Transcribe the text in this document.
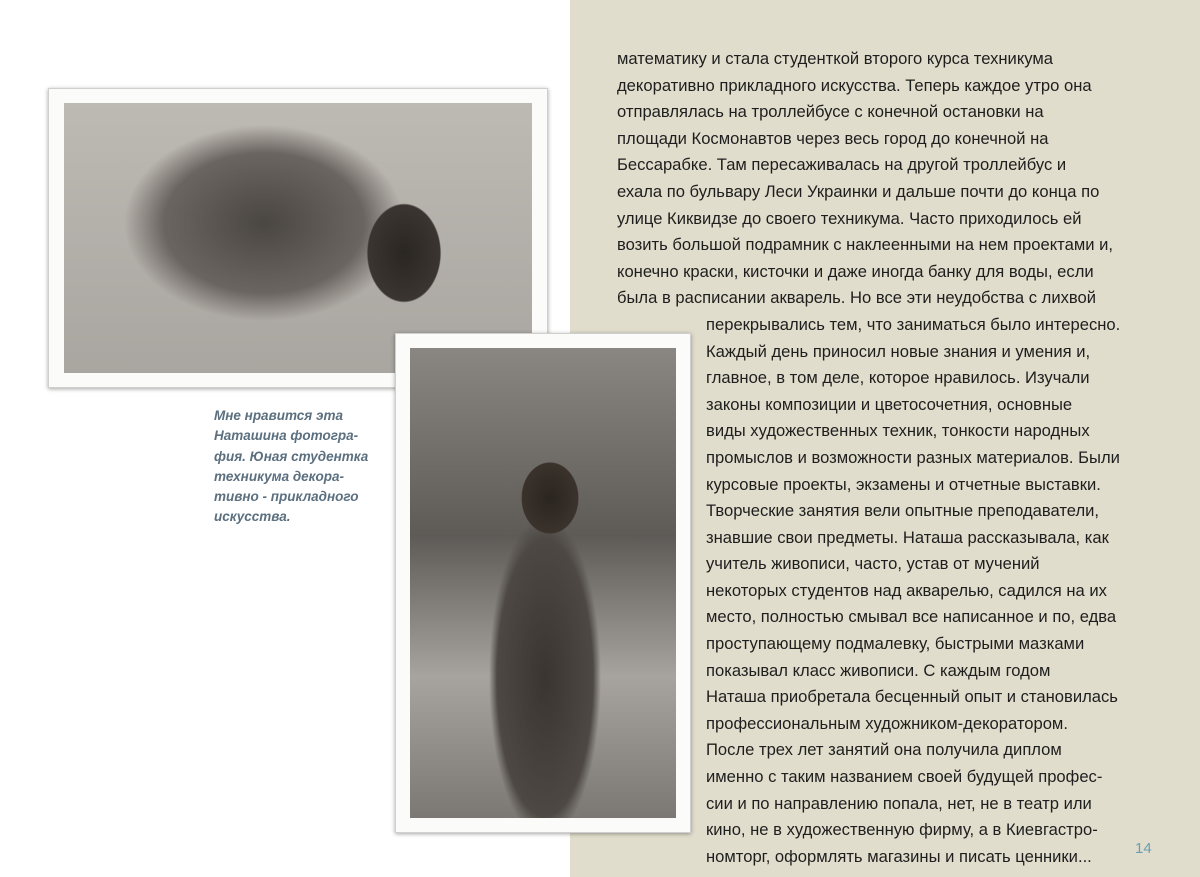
Мне нравится эта
Наташина фотогра-
фия. Юная студентка
техникума декора-
тивно - прикладного
искусства.
математику и стала студенткой второго курса техникума
декоративно прикладного искусства. Теперь каждое утро она
отправлялась на троллейбусе с конечной остановки на
площади Космонавтов через весь город до конечной на
Бессарабке. Там пересаживалась на другой троллейбус и
ехала по бульвару Леси Украинки и дальше почти до конца по
улице Киквидзе до своего техникума. Часто приходилось ей
возить большой подрамник с наклеенными на нем проектами и,
конечно краски, кисточки и даже иногда банку для воды, если
была в расписании акварель. Но все эти неудобства с лихвой
перекрывались тем, что заниматься было интересно.
Каждый день приносил новые знания и умения и,
главное, в том деле, которое нравилось. Изучали
законы композиции и цветосочетния, основные
виды художественных техник, тонкости народных
промыслов и возможности разных материалов. Были
курсовые проекты, экзамены и отчетные выставки.
Творческие занятия вели опытные преподаватели,
знавшие свои предметы. Наташа рассказывала, как
учитель живописи, часто, устав от мучений
некоторых студентов над акварелью, садился на их
место, полностью смывал все написанное и по, едва
проступающему подмалевку, быстрыми мазками
показывал класс живописи. С каждым годом
Наташа приобретала бесценный опыт и становилась
профессиональным художником-декоратором.
После трех лет занятий она получила диплом
именно с таким названием своей будущей профес-
сии и по направлению попала, нет, не в театр или
кино, не в художественную фирму, а в Киевгастро-
номторг, оформлять магазины и писать ценники...	14
